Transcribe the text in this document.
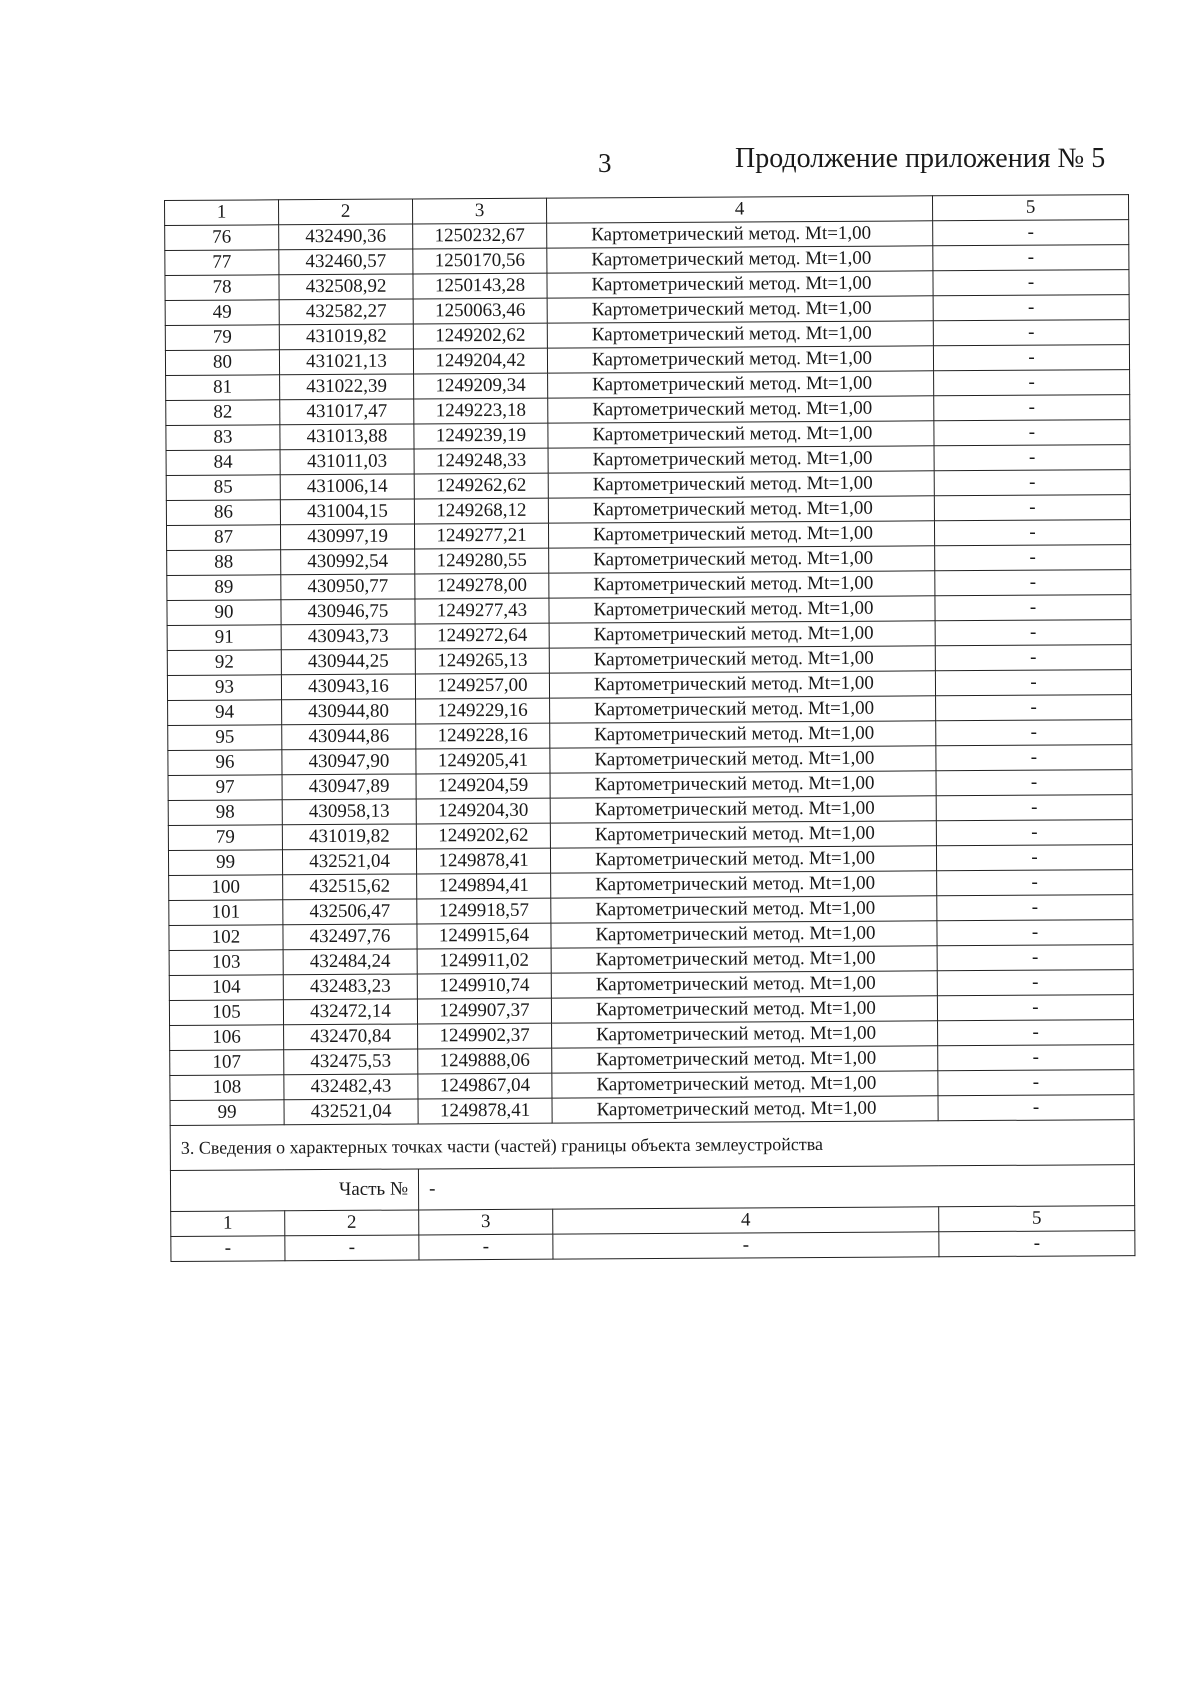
3	Продолжение приложения № 5
1	2	3	4	5
76	432490,36	1250232,67	Картометрический метод. Mt=1,00	-
77	432460,57	1250170,56	Картометрический метод. Mt=1,00	-
78	432508,92	1250143,28	Картометрический метод. Mt=1,00	-
49	432582,27	1250063,46	Картометрический метод. Mt=1,00	-
79	431019,82	1249202,62	Картометрический метод. Mt=1,00	-
80	431021,13	1249204,42	Картометрический метод. Mt=1,00	-
81	431022,39	1249209,34	Картометрический метод. Mt=1,00	-
82	431017,47	1249223,18	Картометрический метод. Mt=1,00	-
83	431013,88	1249239,19	Картометрический метод. Mt=1,00	-
84	431011,03	1249248,33	Картометрический метод. Mt=1,00	-
85	431006,14	1249262,62	Картометрический метод. Mt=1,00	-
86	431004,15	1249268,12	Картометрический метод. Mt=1,00	-
87	430997,19	1249277,21	Картометрический метод. Mt=1,00	-
88	430992,54	1249280,55	Картометрический метод. Mt=1,00	-
89	430950,77	1249278,00	Картометрический метод. Mt=1,00	-
90	430946,75	1249277,43	Картометрический метод. Mt=1,00	-
91	430943,73	1249272,64	Картометрический метод. Mt=1,00	-
92	430944,25	1249265,13	Картометрический метод. Mt=1,00	-
93	430943,16	1249257,00	Картометрический метод. Mt=1,00	-
94	430944,80	1249229,16	Картометрический метод. Mt=1,00	-
95	430944,86	1249228,16	Картометрический метод. Mt=1,00	-
96	430947,90	1249205,41	Картометрический метод. Mt=1,00	-
97	430947,89	1249204,59	Картометрический метод. Mt=1,00	-
98	430958,13	1249204,30	Картометрический метод. Mt=1,00	-
79	431019,82	1249202,62	Картометрический метод. Mt=1,00	-
99	432521,04	1249878,41	Картометрический метод. Mt=1,00	-
100	432515,62	1249894,41	Картометрический метод. Mt=1,00	-
101	432506,47	1249918,57	Картометрический метод. Mt=1,00	-
102	432497,76	1249915,64	Картометрический метод. Mt=1,00	-
103	432484,24	1249911,02	Картометрический метод. Mt=1,00	-
104	432483,23	1249910,74	Картометрический метод. Mt=1,00	-
105	432472,14	1249907,37	Картометрический метод. Mt=1,00	-
106	432470,84	1249902,37	Картометрический метод. Mt=1,00	-
107	432475,53	1249888,06	Картометрический метод. Mt=1,00	-
108	432482,43	1249867,04	Картометрический метод. Mt=1,00	-
99	432521,04	1249878,41	Картометрический метод. Mt=1,00	-
3. Сведения о характерных точках части (частей) границы объекта землеустройства				
Часть №		-		
1	2	3	4	5
-	-	-	-	-
